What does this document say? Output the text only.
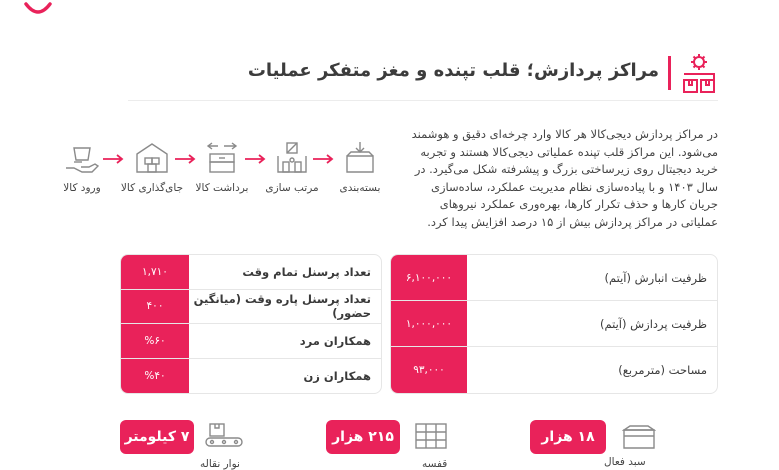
مراکز پردازش؛ قلب تپنده و مغز متفکر عملیات
در مراکز پردازش دیجی‌کالا هر کالا وارد چرخه‌ای دقیق و هوشمند می‌شود. این مراکز قلب تپنده عملیاتی دیجی‌کالا هستند و تجربه خرید دیجیتال روی زیرساختی بزرگ و پیشرفته شکل می‌گیرد. در سال ۱۴۰۳ و با پیاده‌سازی نظام مدیریت عملکرد، ساده‌سازی جریان کارها و حذف تکرار کارها، بهره‌وری عملکرد نیروهای عملیاتی در مراکز پردازش بیش از ۱۵ درصد افزایش پیدا کرد.
ورود کالا	جای‌گذاری کالا	برداشت کالا	مرتب سازی	بسته‌بندی
تعداد پرسنل تمام وقت
۱,۷۱۰
تعداد پرسنل پاره وقت (میانگین حضور)
۴۰۰
همکاران مرد
%۶۰
همکاران زن
%۴۰
ظرفیت انبارش (آیتم)
۶,۱۰۰,۰۰۰
ظرفیت پردازش (آیتم)
۱,۰۰۰,۰۰۰
مساحت (مترمربع)
۹۳,۰۰۰
۱۸ هزار
سبد فعال
۲۱۵ هزار
قفسه
۷ کیلومتر
نوار نقاله
